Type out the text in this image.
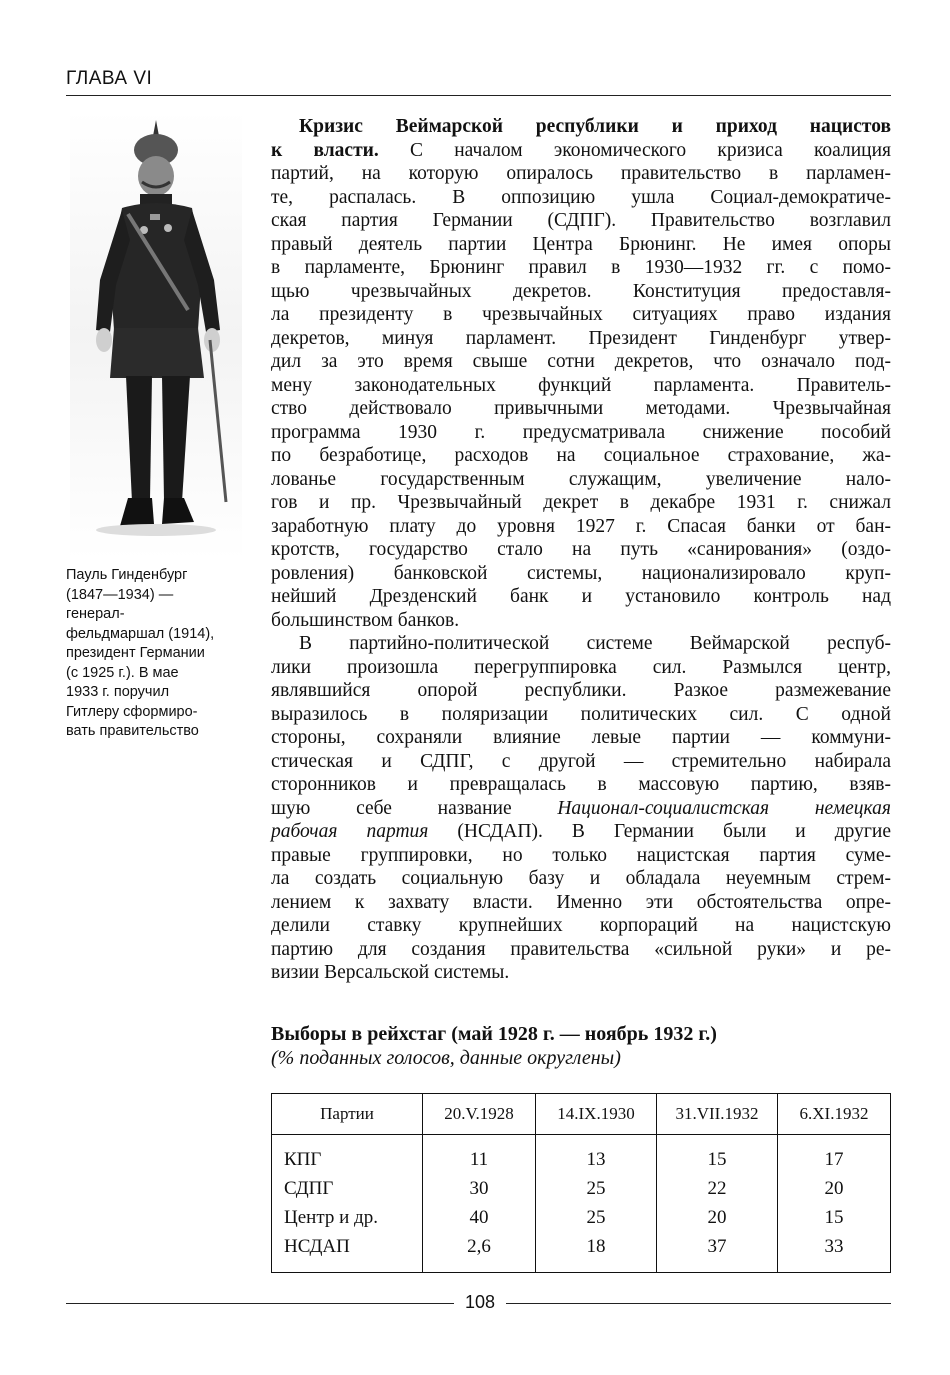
ГЛАВА VI
Пауль Гинденбург
(1847—1934) —
генерал-
фельдмаршал (1914),
президент Германии
(с 1925 г.). В мае
1933 г. поручил
Гитлеру сформиро-
вать правительство
Кризис Веймарской республики и приход нацистов
к власти. С началом экономического кризиса коалиция
партий, на которую опиралось правительство в парламен-
те, распалась. В оппозицию ушла Социал-демократиче-
ская партия Германии (СДПГ). Правительство возглавил
правый деятель партии Центра Брюнинг. Не имея опоры
в парламенте, Брюнинг правил в 1930—1932 гг. с помо-
щью чрезвычайных декретов. Конституция предоставля-
ла президенту в чрезвычайных ситуациях право издания
декретов, минуя парламент. Президент Гинденбург утвер-
дил за это время свыше сотни декретов, что означало под-
мену законодательных функций парламента. Правитель-
ство действовало привычными методами. Чрезвычайная
программа 1930 г. предусматривала снижение пособий
по безработице, расходов на социальное страхование, жа-
лованье государственным служащим, увеличение нало-
гов и пр. Чрезвычайный декрет в декабре 1931 г. снижал
заработную плату до уровня 1927 г. Спасая банки от бан-
кротств, государство стало на путь «санирования» (оздо-
ровления) банковской системы, национализировало круп-
нейший Дрезденский банк и установило контроль над
большинством банков.
В партийно-политической системе Веймарской респуб-
лики произошла перегруппировка сил. Размылся центр,
являвшийся опорой республики. Разкое размежевание
выразилось в поляризации политических сил. С одной
стороны, сохраняли влияние левые партии — коммуни-
стическая и СДПГ, с другой — стремительно набирала
сторонников и превращалась в массовую партию, взяв-
шую себе название Национал-социалистская немецкая
рабочая партия (НСДАП). В Германии были и другие
правые группировки, но только нацистская партия суме-
ла создать социальную базу и обладала неуемным стрем-
лением к захвату власти. Именно эти обстоятельства опре-
делили ставку крупнейших корпораций на нацистскую
партию для создания правительства «сильной руки» и ре-
визии Версальской системы.
Выборы в рейхстаг (май 1928 г. — ноябрь 1932 г.)
(% поданных голосов, данные округлены)
Партии	20.V.1928	14.IX.1930	31.VII.1932	6.XI.1932
КПГ	11	13	15	17
СДПГ	30	25	22	20
Центр и др.	40	25	20	15
НСДАП	2,6	18	37	33
108
